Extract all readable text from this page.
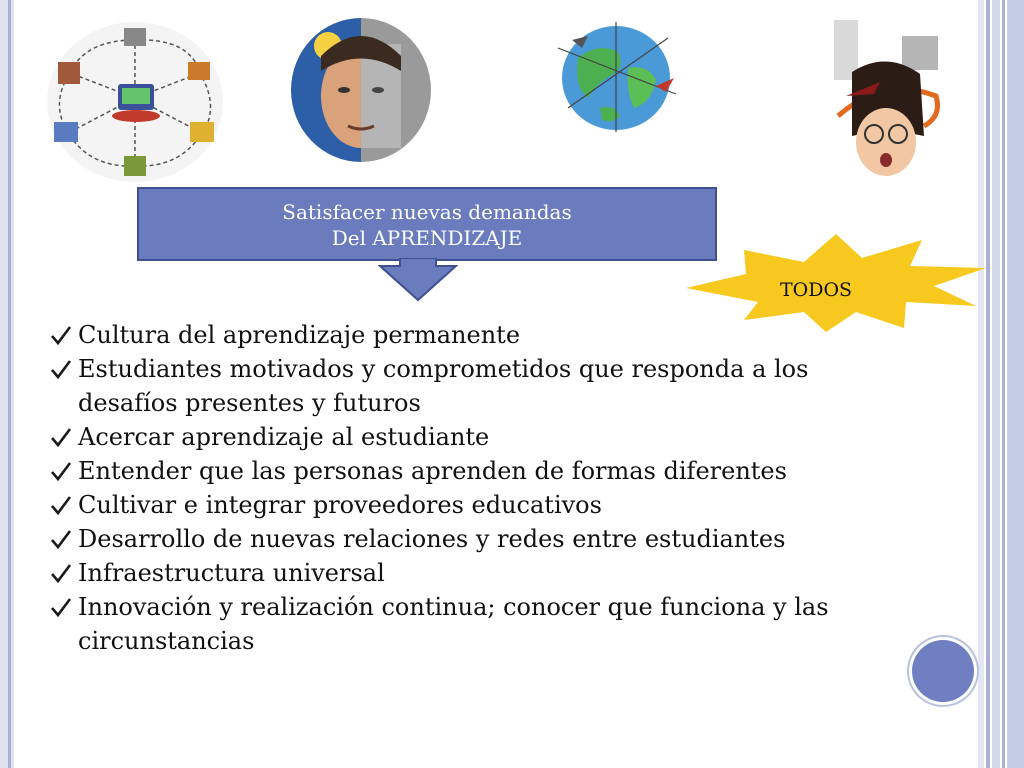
Satisfacer nuevas demandas
Del APRENDIZAJE
TODOS
Cultura del aprendizaje permanente
Estudiantes motivados y comprometidos que responda a los desafíos presentes y futuros
Acercar aprendizaje al estudiante
Entender que las personas aprenden de formas diferentes
Cultivar e integrar proveedores educativos
Desarrollo de nuevas relaciones y redes entre estudiantes
Infraestructura universal
Innovación y realización continua; conocer que funciona y las circunstancias
